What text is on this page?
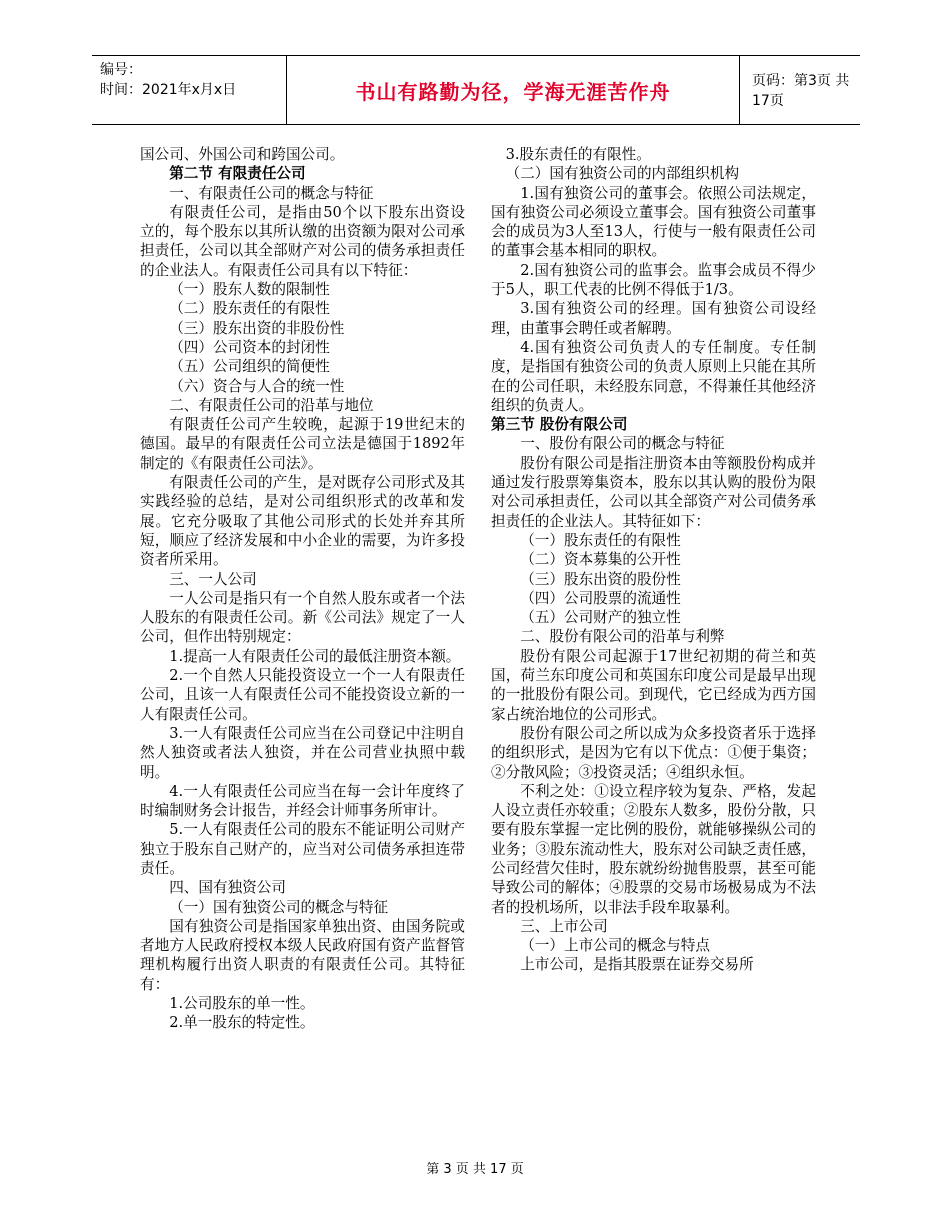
编号：
时间：2021年x月x日	书山有路勤为径，学海无涯苦作舟	页码：第3页 共17页

国公司、外国公司和跨国公司。

第二节 有限责任公司

一、有限责任公司的概念与特征

有限责任公司，是指由50个以下股东出资设立的，每个股东以其所认缴的出资额为限对公司承担责任，公司以其全部财产对公司的债务承担责任的企业法人。有限责任公司具有以下特征：

（一）股东人数的限制性

（二）股东责任的有限性

（三）股东出资的非股份性

（四）公司资本的封闭性

（五）公司组织的简便性

（六）资合与人合的统一性

二、有限责任公司的沿革与地位

有限责任公司产生较晚，起源于19世纪末的德国。最早的有限责任公司立法是德国于1892年制定的《有限责任公司法》。

有限责任公司的产生，是对既存公司形式及其实践经验的总结，是对公司组织形式的改革和发展。它充分吸取了其他公司形式的长处并弃其所短，顺应了经济发展和中小企业的需要，为许多投资者所采用。

三、一人公司

一人公司是指只有一个自然人股东或者一个法人股东的有限责任公司。新《公司法》规定了一人公司，但作出特别规定：

1.提高一人有限责任公司的最低注册资本额。

2.一个自然人只能投资设立一个一人有限责任公司，且该一人有限责任公司不能投资设立新的一人有限责任公司。

3.一人有限责任公司应当在公司登记中注明自然人独资或者法人独资，并在公司营业执照中载明。

4.一人有限责任公司应当在每一会计年度终了时编制财务会计报告，并经会计师事务所审计。

5.一人有限责任公司的股东不能证明公司财产独立于股东自己财产的，应当对公司债务承担连带责任。

四、国有独资公司

（一）国有独资公司的概念与特征

国有独资公司是指国家单独出资、由国务院或者地方人民政府授权本级人民政府国有资产监督管理机构履行出资人职责的有限责任公司。其特征有：

1.公司股东的单一性。

2.单一股东的特定性。

3.股东责任的有限性。

（二）国有独资公司的内部组织机构

1.国有独资公司的董事会。依照公司法规定，国有独资公司必须设立董事会。国有独资公司董事会的成员为3人至13人，行使与一般有限责任公司的董事会基本相同的职权。

2.国有独资公司的监事会。监事会成员不得少于5人，职工代表的比例不得低于1/3。

3.国有独资公司的经理。国有独资公司设经理，由董事会聘任或者解聘。

4.国有独资公司负责人的专任制度。专任制度，是指国有独资公司的负责人原则上只能在其所在的公司任职，未经股东同意，不得兼任其他经济组织的负责人。

第三节 股份有限公司

一、股份有限公司的概念与特征

股份有限公司是指注册资本由等额股份构成并通过发行股票筹集资本，股东以其认购的股份为限对公司承担责任，公司以其全部资产对公司债务承担责任的企业法人。其特征如下：

（一）股东责任的有限性

（二）资本募集的公开性

（三）股东出资的股份性

（四）公司股票的流通性

（五）公司财产的独立性

二、股份有限公司的沿革与利弊

股份有限公司起源于17世纪初期的荷兰和英国，荷兰东印度公司和英国东印度公司是最早出现的一批股份有限公司。到现代，它已经成为西方国家占统治地位的公司形式。

股份有限公司之所以成为众多投资者乐于选择的组织形式，是因为它有以下优点：①便于集资；②分散风险；③投资灵活；④组织永恒。

不利之处：①设立程序较为复杂、严格，发起人设立责任亦较重；②股东人数多，股份分散，只要有股东掌握一定比例的股份，就能够操纵公司的业务；③股东流动性大，股东对公司缺乏责任感，公司经营欠佳时，股东就纷纷抛售股票，甚至可能导致公司的解体；④股票的交易市场极易成为不法者的投机场所，以非法手段牟取暴利。

三、上市公司

（一）上市公司的概念与特点

上市公司，是指其股票在证券交易所

第 3 页 共 17 页
